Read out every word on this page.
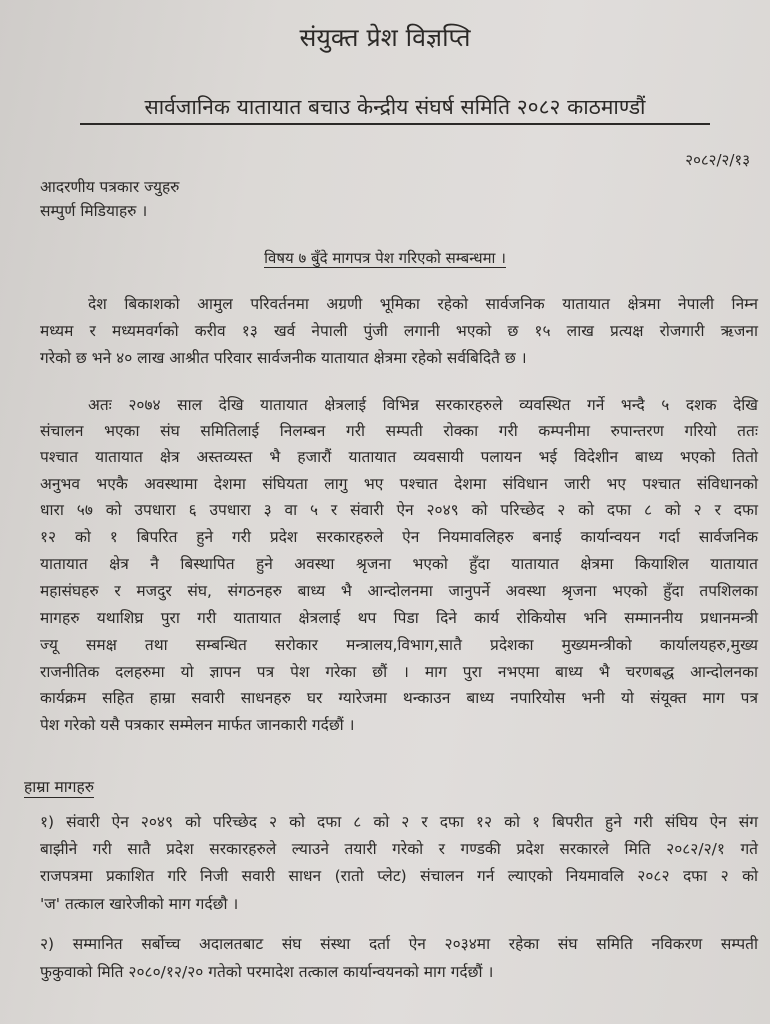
संयुक्त प्रेश विज्ञप्ति
सार्वजानिक यातायात बचाउ केन्द्रीय संघर्ष समिति २०८२ काठमाण्डौं
२०८२/२/१३
आदरणीय पत्रकार ज्युहरु
सम्पुर्ण मिडियाहरु ।
विषय ७ बुँदे मागपत्र पेश गरिएको सम्बन्धमा ।
देश बिकाशको आमुल परिवर्तनमा अग्रणी भूमिका रहेको सार्वजनिक यातायात क्षेत्रमा नेपाली निम्न
मध्यम र मध्यमवर्गको करीव १३ खर्व नेपाली पुंजी लगानी भएको छ १५ लाख प्रत्यक्ष रोजगारी ऋजना
गरेको छ भने ४० लाख आश्रीत परिवार सार्वजनीक यातायात क्षेत्रमा रहेको सर्वबिदितै छ ।
अतः २०७४ साल देखि यातायात क्षेत्रलाई विभिन्न सरकारहरुले व्यवस्थित गर्ने भन्दै ५ दशक देखि
संचालन भएका संघ समितिलाई निलम्बन गरी सम्पती रोक्का गरी कम्पनीमा रुपान्तरण गरियो ततः
पश्चात यातायात क्षेत्र अस्तव्यस्त भै हजारौं यातायात व्यवसायी पलायन भई विदेशीन बाध्य भएको तितो
अनुभव भएकै अवस्थामा देशमा संघियता लागु भए पश्चात देशमा संविधान जारी भए पश्चात संविधानको
धारा ५७ को उपधारा ६ उपधारा ३ वा ५ र संवारी ऐन २०४९ को परिच्छेद २ को दफा ८ को २ र दफा
१२ को १ बिपरित हुने गरी प्रदेश सरकारहरुले ऐन नियमावलिहरु बनाई कार्यान्वयन गर्दा सार्वजनिक
यातायात क्षेत्र नै बिस्थापित हुने अवस्था श्रृजना भएको हुँदा यातायात क्षेत्रमा कियाशिल यातायात
महासंघहरु र मजदुर संघ, संगठनहरु बाध्य भै आन्दोलनमा जानुपर्ने अवस्था श्रृजना भएको हुँदा तपशिलका
मागहरु यथाशिघ्र पुरा गरी यातायात क्षेत्रलाई थप पिडा दिने कार्य रोकियोस भनि सम्माननीय प्रधानमन्त्री
ज्यू समक्ष तथा सम्बन्धित सरोकार मन्त्रालय,विभाग,सातै प्रदेशका मुख्यमन्त्रीको कार्यालयहरु,मुख्य
राजनीतिक दलहरुमा यो ज्ञापन पत्र पेश गरेका छौं । माग पुरा नभएमा बाध्य भै चरणबद्ध आन्दोलनका
कार्यक्रम सहित हाम्रा सवारी साधनहरु घर ग्यारेजमा थन्काउन बाध्य नपारियोस भनी यो संयूक्त माग पत्र
पेश गरेको यसै पत्रकार सम्मेलन मार्फत जानकारी गर्दछौं ।
हाम्रा मागहरु
१) संवारी ऐन २०४९ को परिच्छेद २ को दफा ८ को २ र दफा १२ को १ बिपरीत हुने गरी संघिय ऐन संग
बाझीने गरी सातै प्रदेश सरकारहरुले ल्याउने तयारी गरेको र गण्डकी प्रदेश सरकारले मिति २०८२/२/१ गते
राजपत्रमा प्रकाशित गरि निजी सवारी साधन (रातो प्लेट) संचालन गर्न ल्याएको नियमावलि २०८२ दफा २ को
'ज' तत्काल खारेजीको माग गर्दछौ ।
२) सम्मानित सर्बोच्च अदालतबाट संघ संस्था दर्ता ऐन २०३४मा रहेका संघ समिति नविकरण सम्पती
फुकुवाको मिति २०८०/१२/२० गतेको परमादेश तत्काल कार्यान्वयनको माग गर्दछौं ।
